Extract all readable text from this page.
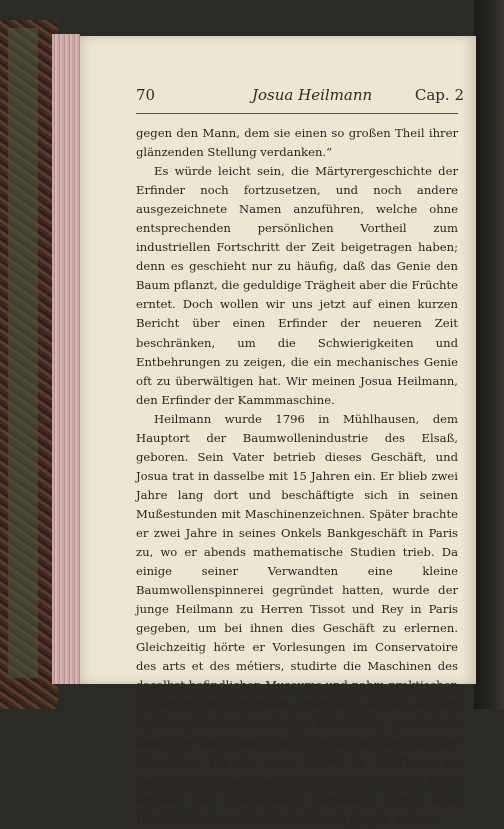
70	Josua Heilmann	Cap. 2

gegen den Mann, dem sie einen so großen Theil ihrer glänzenden Stellung verdanken.“

Es würde leicht sein, die Märtyrergeschichte der Erfinder noch fortzusetzen, und noch andere ausgezeichnete Namen anzuführen, welche ohne entsprechenden persönlichen Vortheil zum industriellen Fortschritt der Zeit beigetragen haben; denn es geschieht nur zu häufig, daß das Genie den Baum pflanzt, die geduldige Trägheit aber die Früchte erntet. Doch wollen wir uns jetzt auf einen kurzen Bericht über einen Erfinder der neueren Zeit beschränken, um die Schwierigkeiten und Entbehrungen zu zeigen, die ein mechanisches Genie oft zu überwältigen hat. Wir meinen Josua Heilmann, den Erfinder der Kammmaschine.

Heilmann wurde 1796 in Mühlhausen, dem Hauptort der Baumwollenindustrie des Elsaß, geboren. Sein Vater betrieb dieses Geschäft, und Josua trat in dasselbe mit 15 Jahren ein. Er blieb zwei Jahre lang dort und beschäftigte sich in seinen Mußestunden mit Maschinenzeichnen. Später brachte er zwei Jahre in seines Onkels Bankgeschäft in Paris zu, wo er abends mathematische Studien trieb. Da einige seiner Verwandten eine kleine Baumwollenspinnerei gegründet hatten, wurde der junge Heilmann zu Herren Tissot und Rey in Paris gegeben, um bei ihnen dies Geschäft zu erlernen. Gleichzeitig hörte er Vorlesungen im Conservatoire des arts et des métiers, studirte die Maschinen des daselbst befindlichen Museums und nahm praktischen Unterricht im Drechseln. Nachdem er bei einigen Spielzeugfabrikanten einige Zeit fleißig gearbeitet, kehrte er nach dem Elsaß zurück, um den Bau der Maschinen für die neue Fabrik in Alt-Thann zu beaufsichtigen, welche bald zu arbeiten anfing. Doch wurden die Operationen derselben durch eine Handelskrisis ernstlich bedroht, sie ging in andere
